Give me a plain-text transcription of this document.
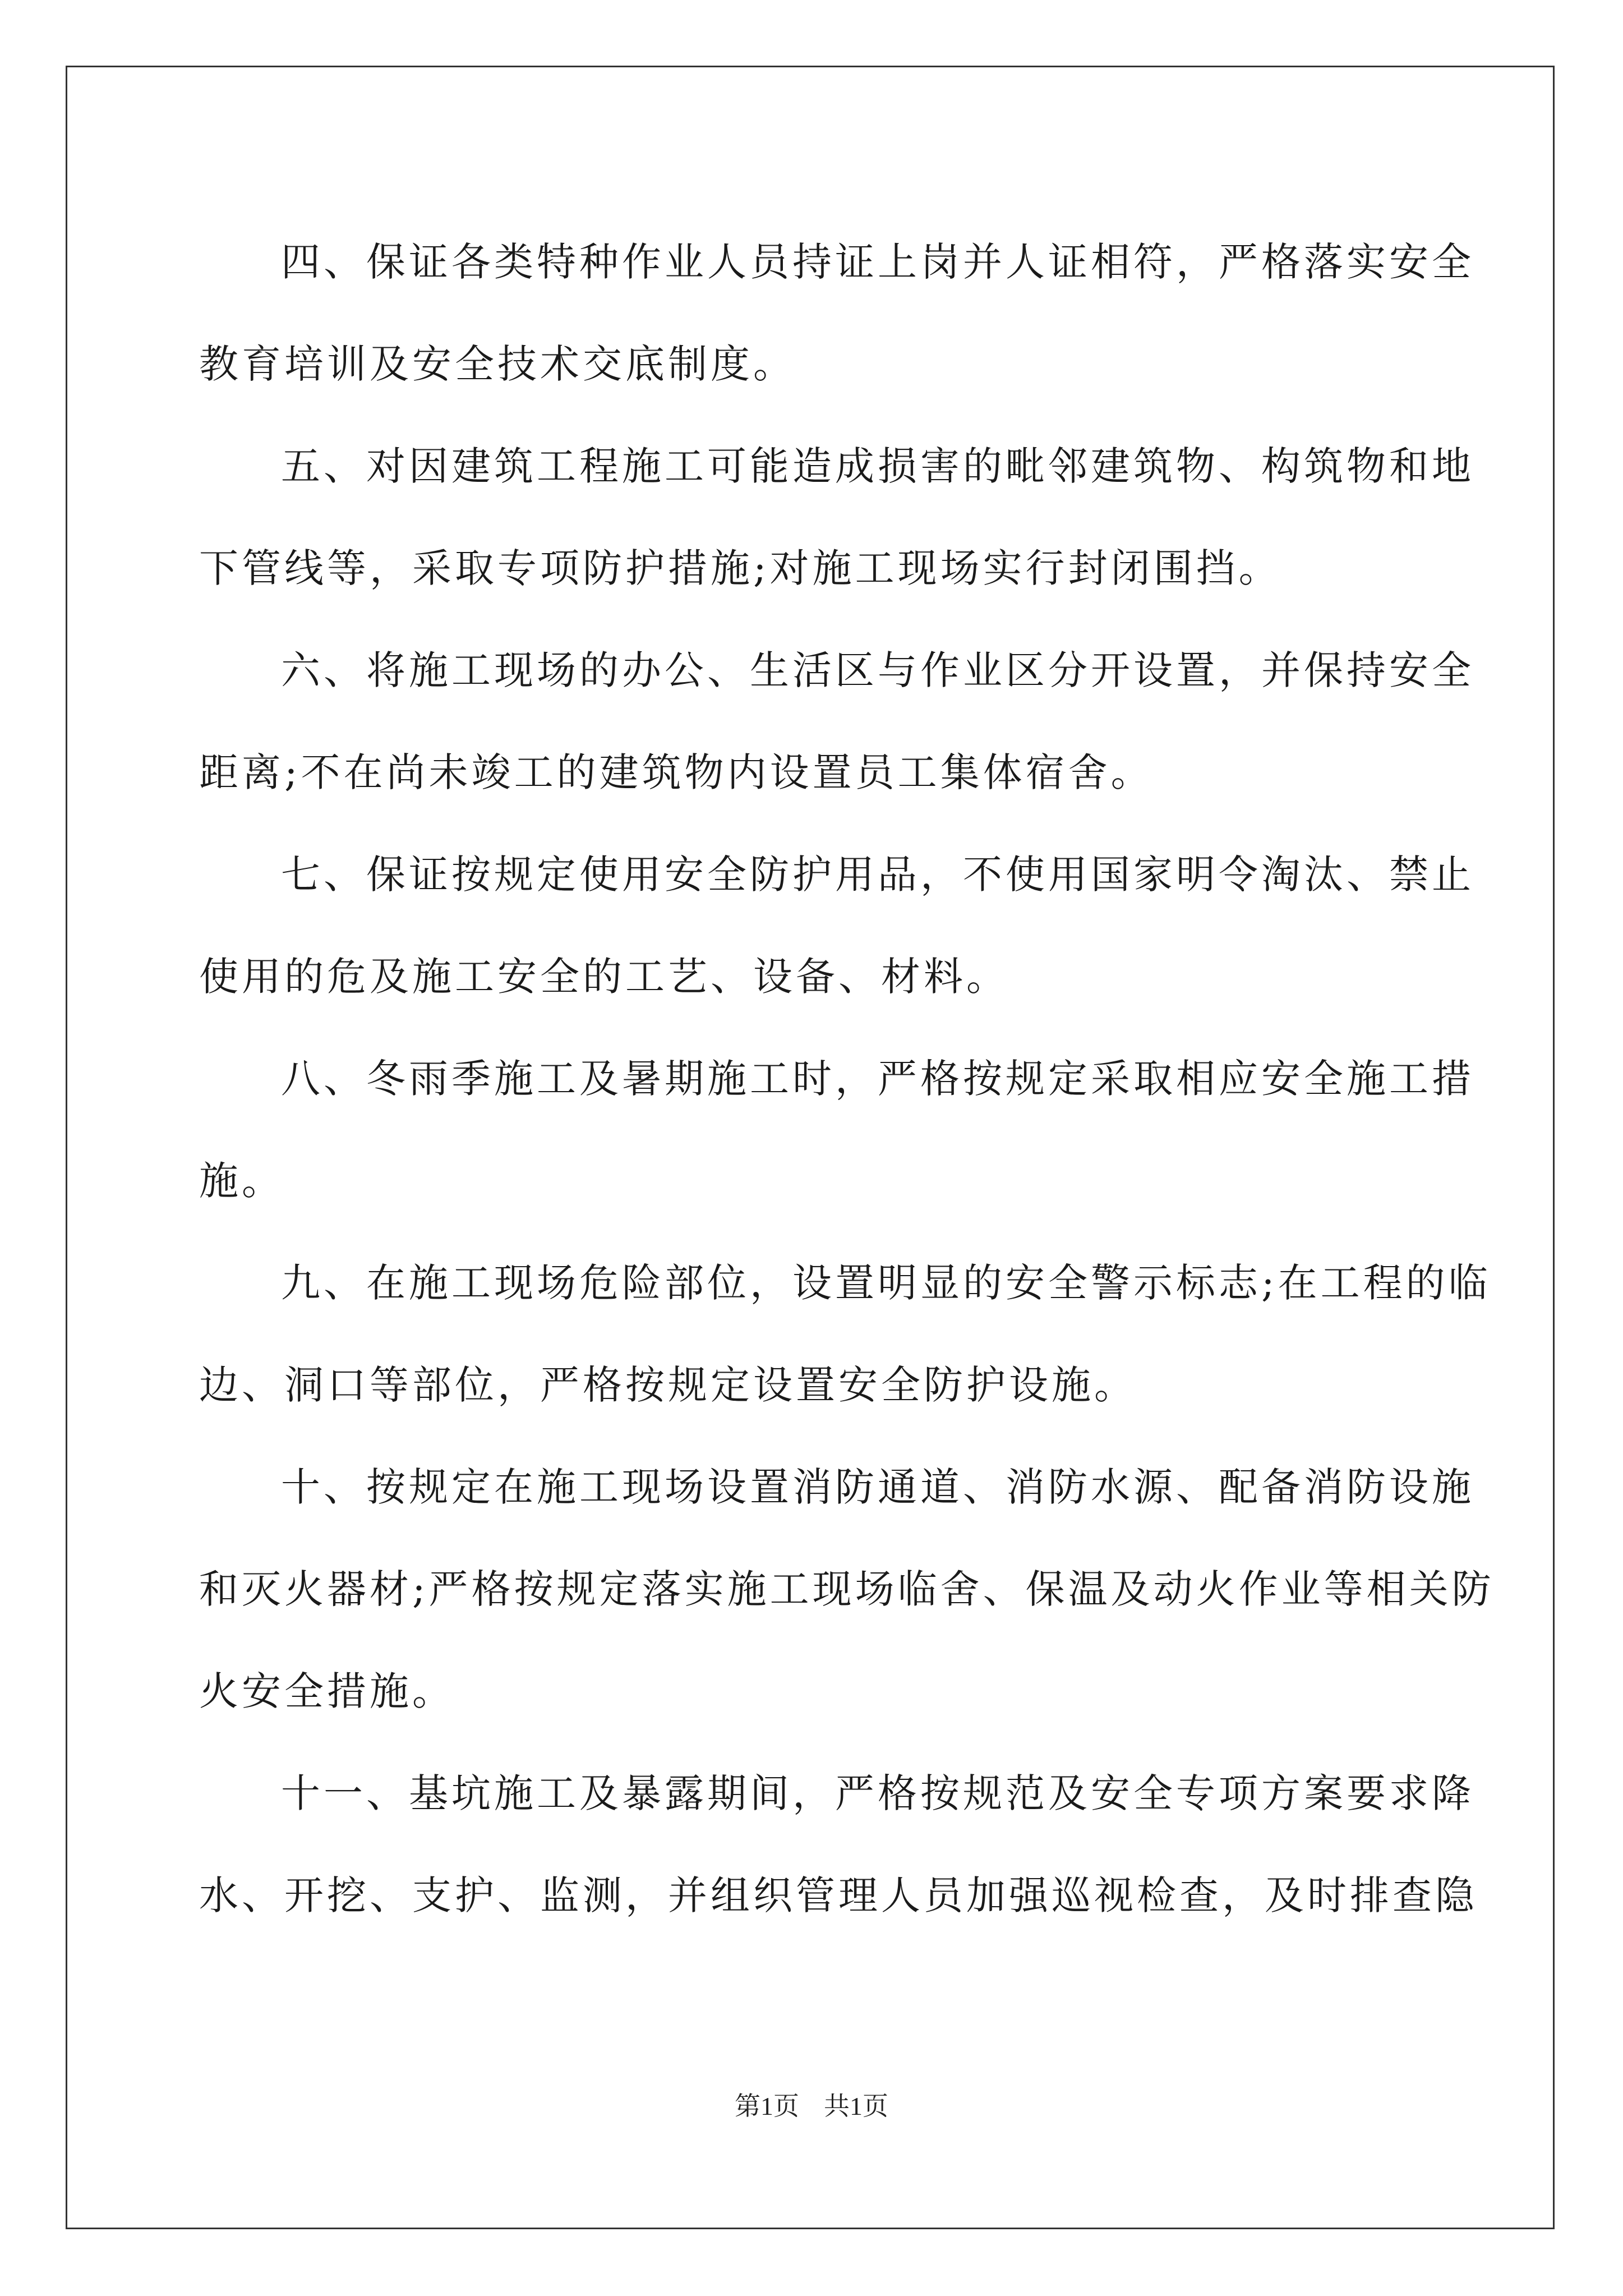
四、保证各类特种作业人员持证上岗并人证相符，严格落实安全
教育培训及安全技术交底制度。
五、对因建筑工程施工可能造成损害的毗邻建筑物、构筑物和地
下管线等，采取专项防护措施;对施工现场实行封闭围挡。
六、将施工现场的办公、生活区与作业区分开设置，并保持安全
距离;不在尚未竣工的建筑物内设置员工集体宿舍。
七、保证按规定使用安全防护用品，不使用国家明令淘汰、禁止
使用的危及施工安全的工艺、设备、材料。
八、冬雨季施工及暑期施工时，严格按规定采取相应安全施工措
施。
九、在施工现场危险部位，设置明显的安全警示标志;在工程的临
边、洞口等部位，严格按规定设置安全防护设施。
十、按规定在施工现场设置消防通道、消防水源、配备消防设施
和灭火器材;严格按规定落实施工现场临舍、保温及动火作业等相关防
火安全措施。
十一、基坑施工及暴露期间，严格按规范及安全专项方案要求降
水、开挖、支护、监测，并组织管理人员加强巡视检查，及时排查隐
第1页 共1页
